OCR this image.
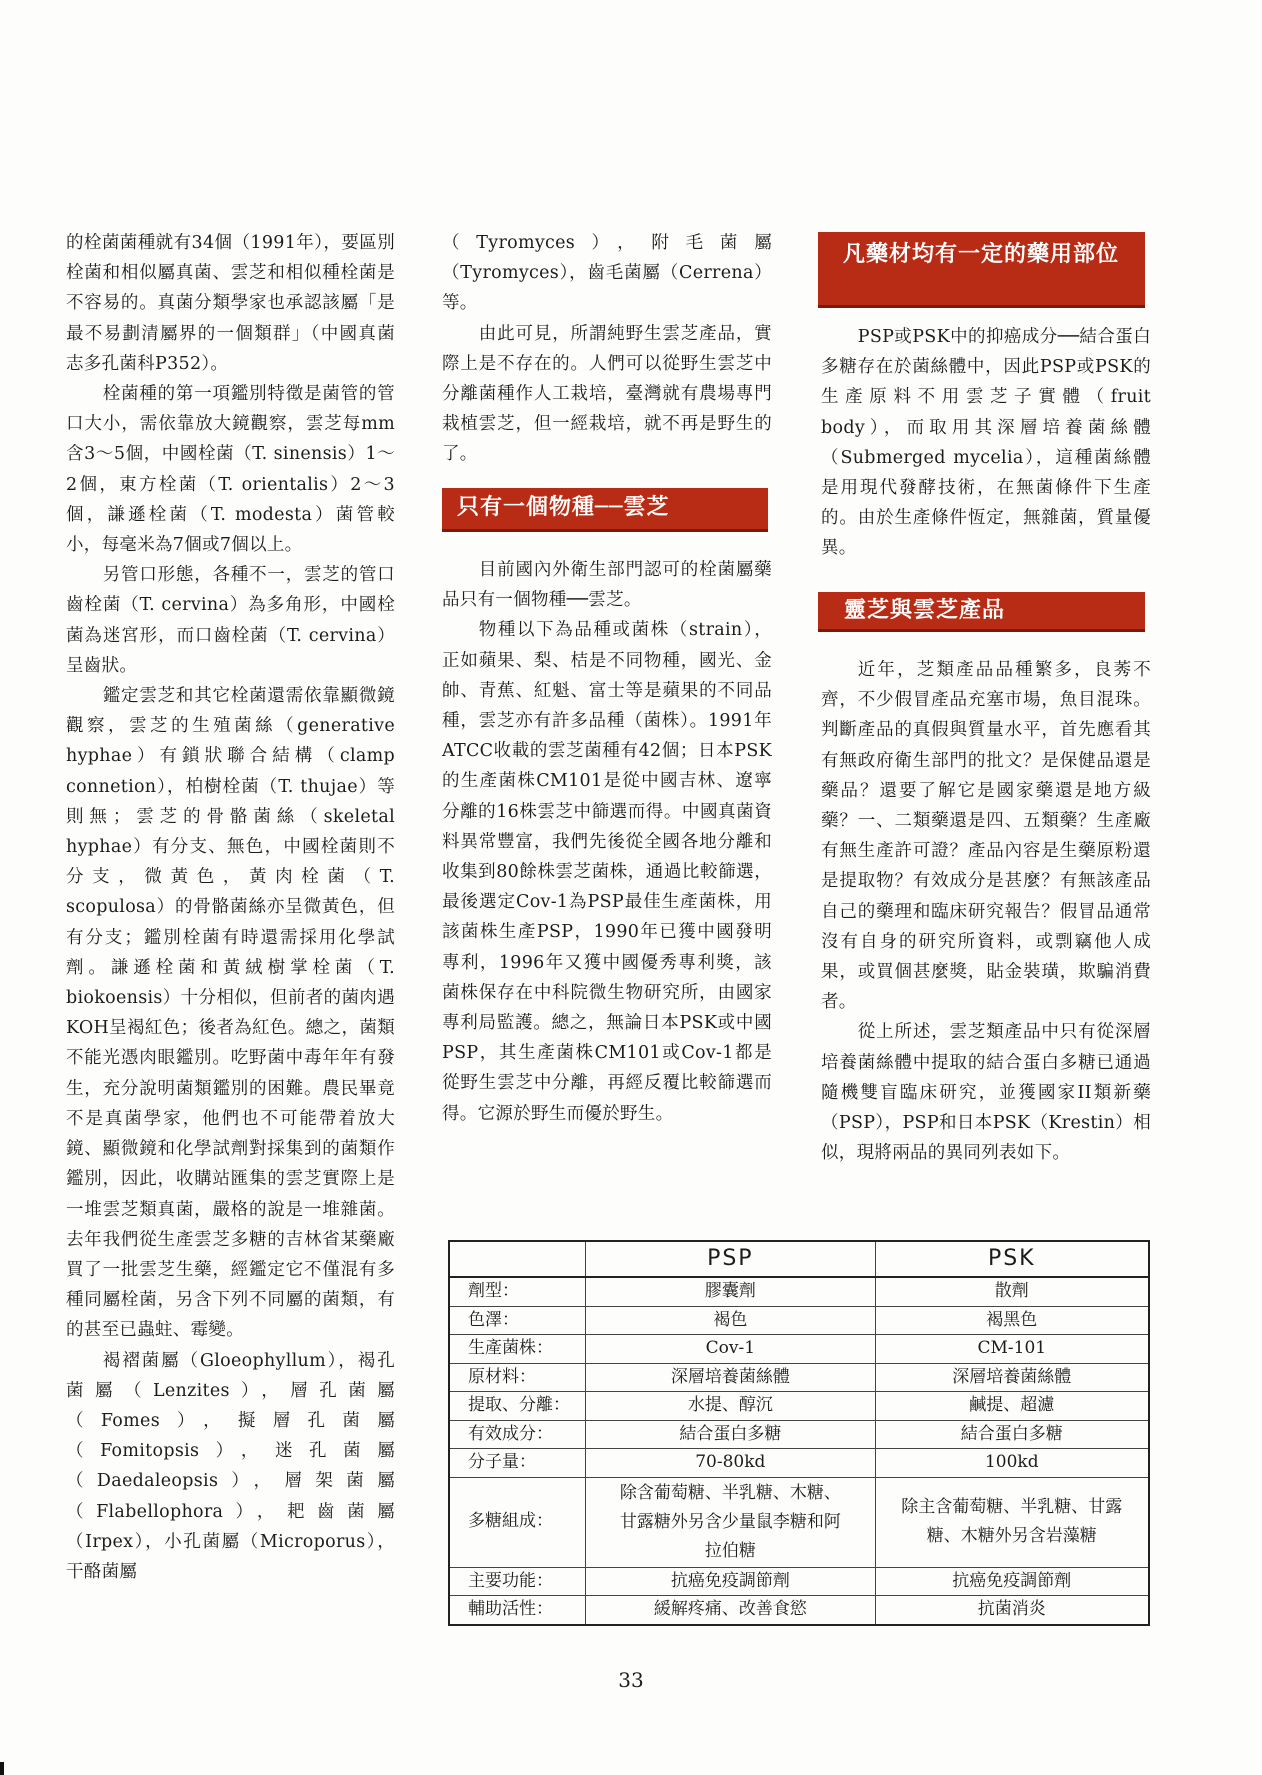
的栓菌菌種就有34個（1991年），要區別栓菌和相似屬真菌、雲芝和相似種栓菌是不容易的。真菌分類學家也承認該屬「是最不易劃清屬界的一個類群」（中國真菌志多孔菌科P352）。

栓菌種的第一項鑑別特徵是菌管的管口大小，需依靠放大鏡觀察，雲芝每mm含3～5個，中國栓菌（T. sinensis）1～2個，東方栓菌（T. orientalis）2～3個，謙遜栓菌（T. modesta）菌管較小，每毫米為7個或7個以上。

另管口形態，各種不一，雲芝的管口齒栓菌（T. cervina）為多角形，中國栓菌為迷宮形，而口齒栓菌（T. cervina）呈齒狀。

鑑定雲芝和其它栓菌還需依靠顯微鏡觀察，雲芝的生殖菌絲（generative hyphae）有鎖狀聯合結構（clamp connetion），柏樹栓菌（T. thujae）等則無；雲芝的骨骼菌絲（skeletal hyphae）有分支、無色，中國栓菌則不分支，微黃色，黃肉栓菌（T. scopulosa）的骨骼菌絲亦呈微黃色，但有分支；鑑別栓菌有時還需採用化學試劑。謙遜栓菌和黃絨樹掌栓菌（T. biokoensis）十分相似，但前者的菌肉遇KOH呈褐紅色；後者為紅色。總之，菌類不能光憑肉眼鑑別。吃野菌中毒年年有發生，充分說明菌類鑑別的困難。農民畢竟不是真菌學家，他們也不可能帶着放大鏡、顯微鏡和化學試劑對採集到的菌類作鑑別，因此，收購站匯集的雲芝實際上是一堆雲芝類真菌，嚴格的說是一堆雜菌。去年我們從生產雲芝多糖的吉林省某藥廠買了一批雲芝生藥，經鑑定它不僅混有多種同屬栓菌，另含下列不同屬的菌類，有的甚至已蟲蛀、霉變。

褐褶菌屬（Gloeophyllum），褐孔菌屬（Lenzites），層孔菌屬（Fomes），擬層孔菌屬（Fomitopsis），迷孔菌屬（Daedaleopsis），層架菌屬（Flabellophora），耙齒菌屬（Irpex），小孔菌屬（Microporus），干酪菌屬

（Tyromyces），附毛菌屬（Tyromyces），齒毛菌屬（Cerrena）等。

由此可見，所謂純野生雲芝產品，實際上是不存在的。人們可以從野生雲芝中分離菌種作人工栽培，臺灣就有農場專門栽植雲芝，但一經栽培，就不再是野生的了。

只有一個物種──雲芝

目前國內外衛生部門認可的栓菌屬藥品只有一個物種──雲芝。

物種以下為品種或菌株（strain），正如蘋果、梨、桔是不同物種，國光、金帥、青蕉、紅魁、富士等是蘋果的不同品種，雲芝亦有許多品種（菌株）。1991年ATCC收載的雲芝菌種有42個；日本PSK的生產菌株CM101是從中國吉林、遼寧分離的16株雲芝中篩選而得。中國真菌資料異常豐富，我們先後從全國各地分離和收集到80餘株雲芝菌株，通過比較篩選，最後選定Cov-1為PSP最佳生產菌株，用該菌株生產PSP，1990年已獲中國發明專利，1996年又獲中國優秀專利獎，該菌株保存在中科院微生物研究所，由國家專利局監護。總之，無論日本PSK或中國PSP，其生產菌株CM101或Cov-1都是從野生雲芝中分離，再經反覆比較篩選而得。它源於野生而優於野生。

凡藥材均有一定的藥用部位

PSP或PSK中的抑癌成分──結合蛋白多糖存在於菌絲體中，因此PSP或PSK的生產原料不用雲芝子實體（fruit body），而取用其深層培養菌絲體（Submerged mycelia），這種菌絲體是用現代發酵技術，在無菌條件下生產的。由於生產條件恆定，無雜菌，質量優異。

靈芝與雲芝產品

近年，芝類產品品種繁多，良莠不齊，不少假冒產品充塞市場，魚目混珠。判斷產品的真假與質量水平，首先應看其有無政府衛生部門的批文？是保健品還是藥品？還要了解它是國家藥還是地方級藥？一、二類藥還是四、五類藥？生產廠有無生產許可證？產品內容是生藥原粉還是提取物？有效成分是甚麼？有無該產品自己的藥理和臨床研究報告？假冒品通常沒有自身的研究所資料，或剽竊他人成果，或買個甚麼獎，貼金裝璜，欺騙消費者。

從上所述，雲芝類產品中只有從深層培養菌絲體中提取的結合蛋白多糖已通過隨機雙盲臨床研究，並獲國家II類新藥（PSP），PSP和日本PSK（Krestin）相似，現將兩品的異同列表如下。

	PSP	PSK
劑型：	膠囊劑	散劑
色澤：	褐色	褐黑色
生產菌株：	Cov-1	CM-101
原材料：	深層培養菌絲體	深層培養菌絲體
提取、分離：	水提、醇沉	鹹提、超濾
有效成分：	結合蛋白多糖	結合蛋白多糖
分子量：	70-80kd	100kd
多糖組成：	除含葡萄糖、半乳糖、木糖、甘露糖外另含少量鼠李糖和阿拉伯糖	除主含葡萄糖、半乳糖、甘露糖、木糖外另含岩藻糖
主要功能：	抗癌免疫調節劑	抗癌免疫調節劑
輔助活性：	緩解疼痛、改善食慾	抗菌消炎
33
